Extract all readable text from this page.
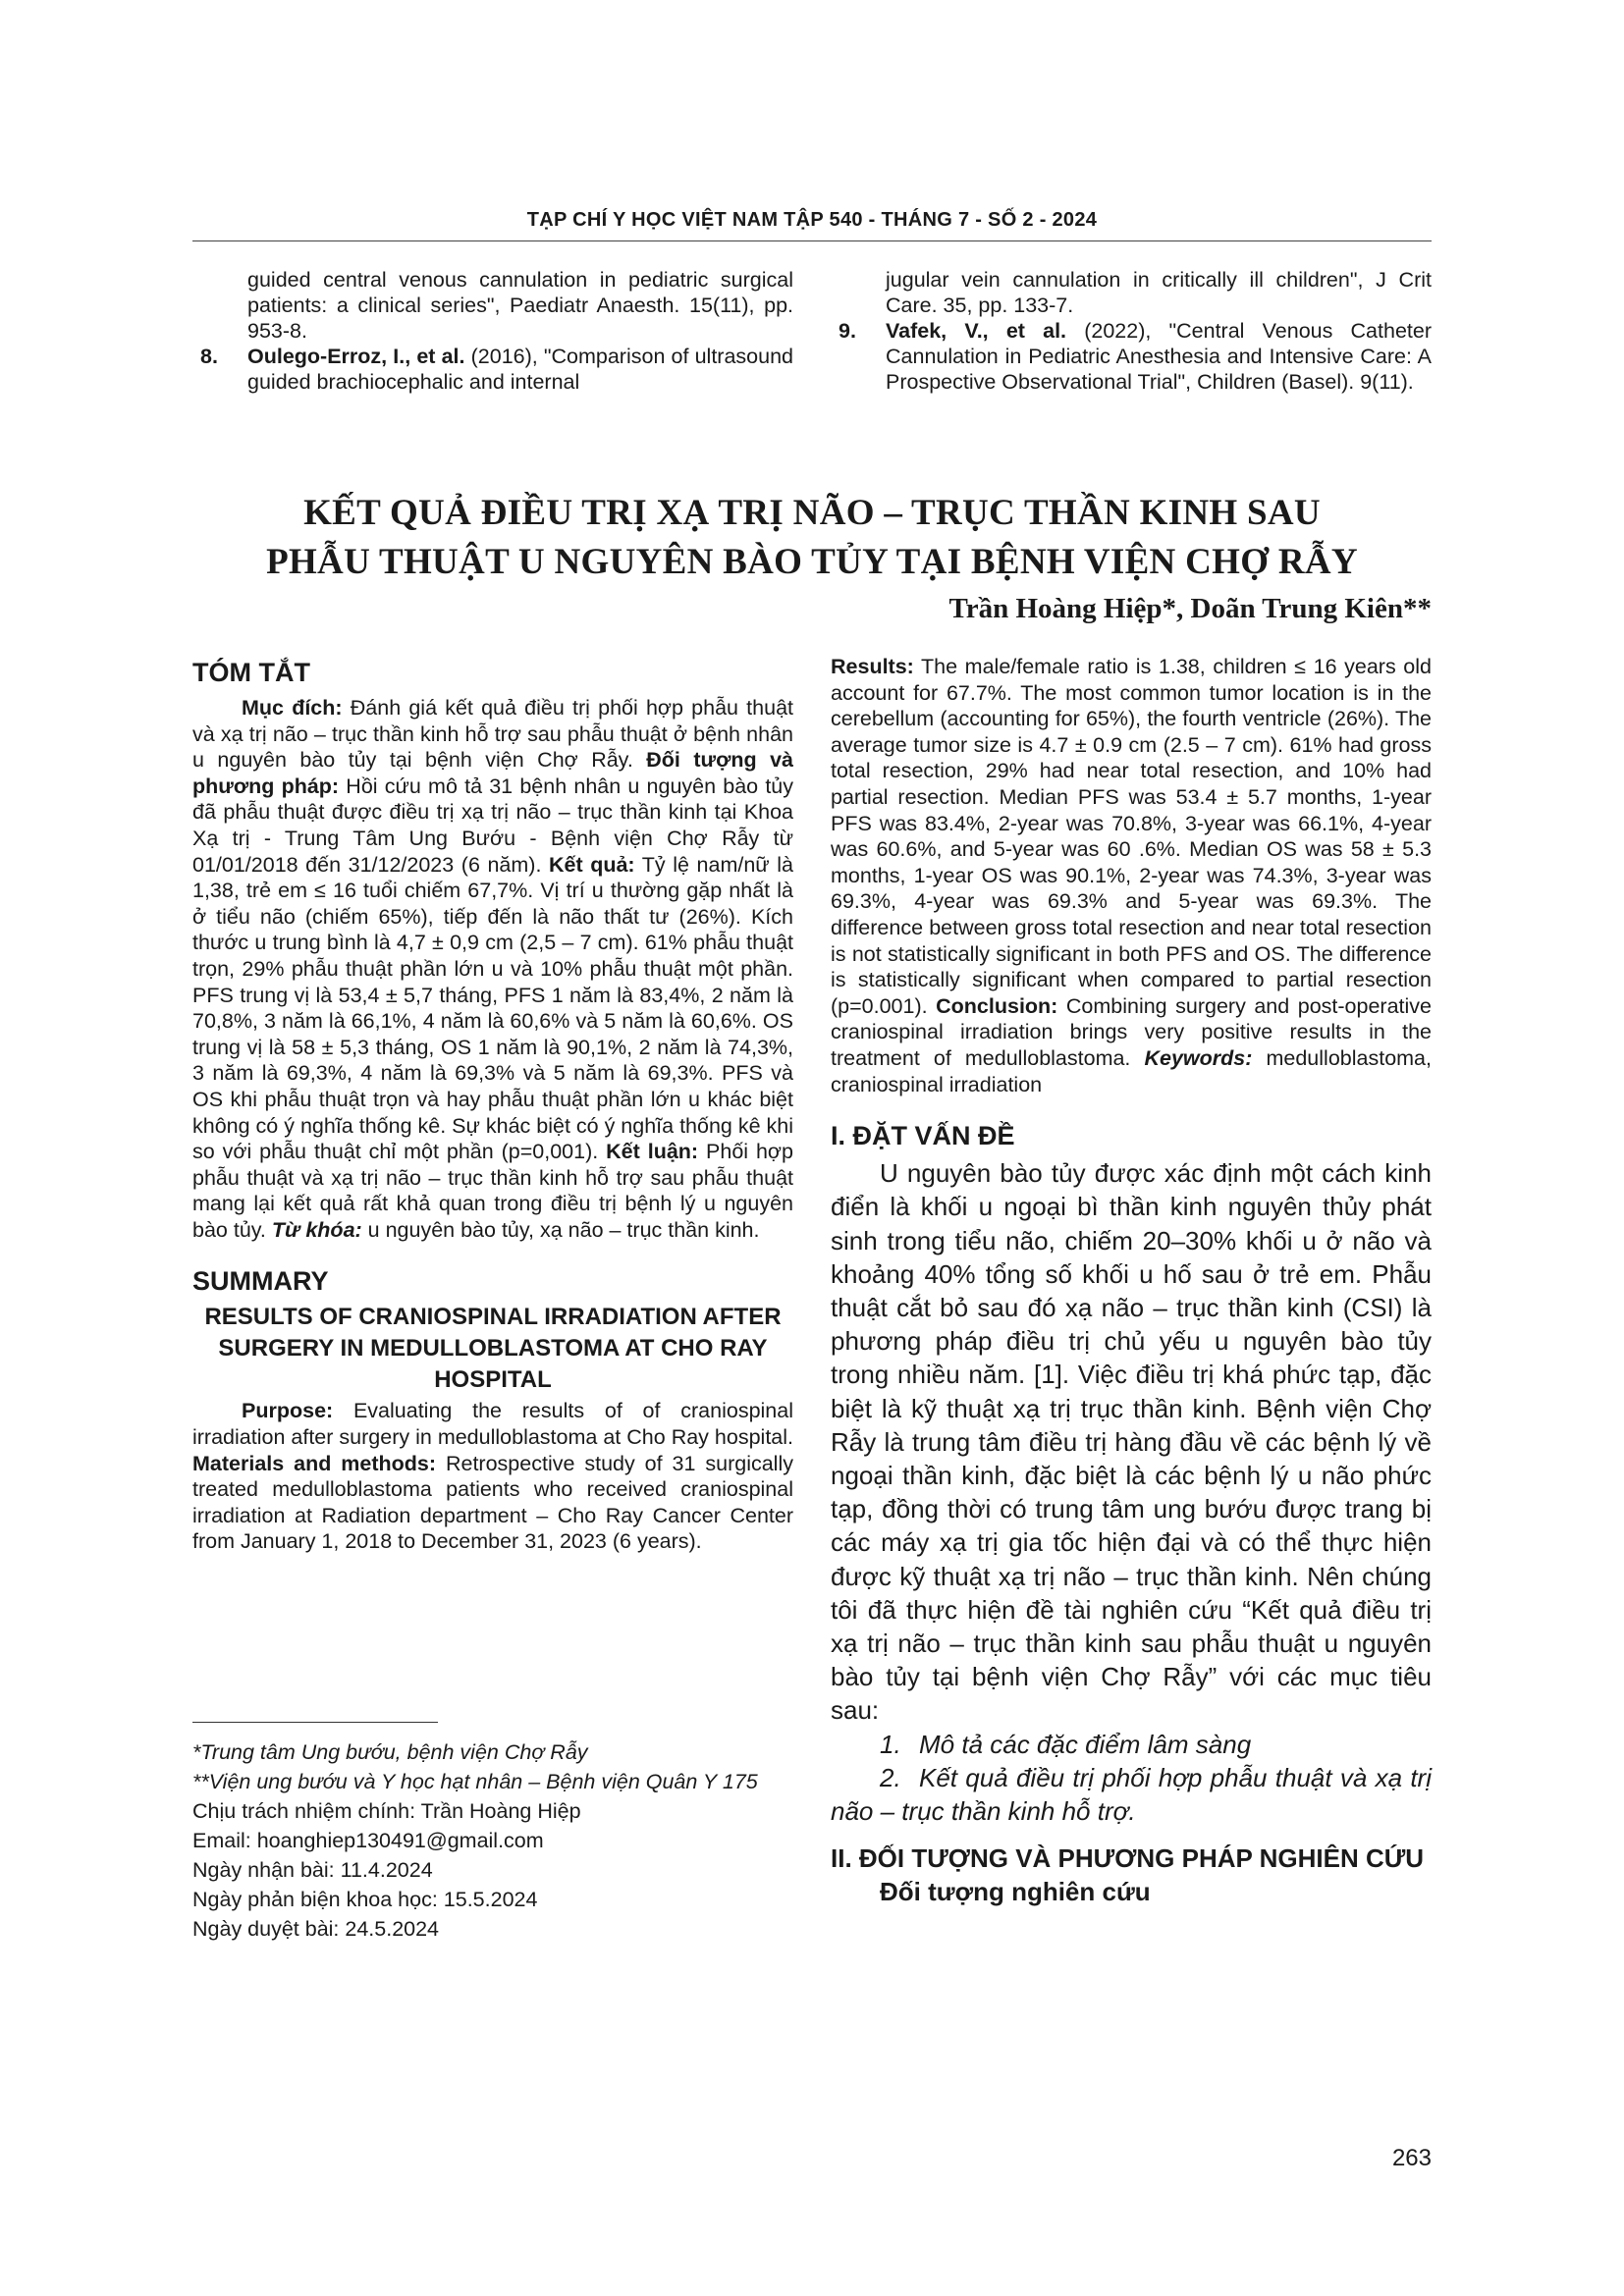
TẠP CHÍ Y HỌC VIỆT NAM TẬP 540 - THÁNG 7 - SỐ 2 - 2024

guided central venous cannulation in pediatric surgical patients: a clinical series", Paediatr Anaesth. 15(11), pp. 953-8.

8. Oulego-Erroz, I., et al. (2016), "Comparison of ultrasound guided brachiocephalic and internal

jugular vein cannulation in critically ill children", J Crit Care. 35, pp. 133-7.

9. Vafek, V., et al. (2022), "Central Venous Catheter Cannulation in Pediatric Anesthesia and Intensive Care: A Prospective Observational Trial", Children (Basel). 9(11).

KẾT QUẢ ĐIỀU TRỊ XẠ TRỊ NÃO – TRỤC THẦN KINH SAU
PHẪU THUẬT U NGUYÊN BÀO TỦY TẠI BỆNH VIỆN CHỢ RẪY
Trần Hoàng Hiệp*, Doãn Trung Kiên**
TÓM TẮT

Mục đích: Đánh giá kết quả điều trị phối hợp phẫu thuật và xạ trị não – trục thần kinh hỗ trợ sau phẫu thuật ở bệnh nhân u nguyên bào tủy tại bệnh viện Chợ Rẫy. Đối tượng và phương pháp: Hồi cứu mô tả 31 bệnh nhân u nguyên bào tủy đã phẫu thuật được điều trị xạ trị não – trục thần kinh tại Khoa Xạ trị - Trung Tâm Ung Bướu - Bệnh viện Chợ Rẫy từ 01/01/2018 đến 31/12/2023 (6 năm). Kết quả: Tỷ lệ nam/nữ là 1,38, trẻ em ≤ 16 tuổi chiếm 67,7%. Vị trí u thường gặp nhất là ở tiểu não (chiếm 65%), tiếp đến là não thất tư (26%). Kích thước u trung bình là 4,7 ± 0,9 cm (2,5 – 7 cm). 61% phẫu thuật trọn, 29% phẫu thuật phần lớn u và 10% phẫu thuật một phần. PFS trung vị là 53,4 ± 5,7 tháng, PFS 1 năm là 83,4%, 2 năm là 70,8%, 3 năm là 66,1%, 4 năm là 60,6% và 5 năm là 60,6%. OS trung vị là 58 ± 5,3 tháng, OS 1 năm là 90,1%, 2 năm là 74,3%, 3 năm là 69,3%, 4 năm là 69,3% và 5 năm là 69,3%. PFS và OS khi phẫu thuật trọn và hay phẫu thuật phần lớn u khác biệt không có ý nghĩa thống kê. Sự khác biệt có ý nghĩa thống kê khi so với phẫu thuật chỉ một phần (p=0,001). Kết luận: Phối hợp phẫu thuật và xạ trị não – trục thần kinh hỗ trợ sau phẫu thuật mang lại kết quả rất khả quan trong điều trị bệnh lý u nguyên bào tủy. Từ khóa: u nguyên bào tủy, xạ não – trục thần kinh.

SUMMARY
RESULTS OF CRANIOSPINAL IRRADIATION AFTER SURGERY IN MEDULLOBLASTOMA AT CHO RAY HOSPITAL

Purpose: Evaluating the results of of craniospinal irradiation after surgery in medulloblastoma at Cho Ray hospital. Materials and methods: Retrospective study of 31 surgically treated medulloblastoma patients who received craniospinal irradiation at Radiation department – Cho Ray Cancer Center from January 1, 2018 to December 31, 2023 (6 years).

*Trung tâm Ung bướu, bệnh viện Chợ Rẫy

**Viện ung bướu và Y học hạt nhân – Bệnh viện Quân Y 175

Chịu trách nhiệm chính: Trần Hoàng Hiệp

Email: hoanghiep130491@gmail.com

Ngày nhận bài: 11.4.2024

Ngày phản biện khoa học: 15.5.2024

Ngày duyệt bài: 24.5.2024

Results: The male/female ratio is 1.38, children ≤ 16 years old account for 67.7%. The most common tumor location is in the cerebellum (accounting for 65%), the fourth ventricle (26%). The average tumor size is 4.7 ± 0.9 cm (2.5 – 7 cm). 61% had gross total resection, 29% had near total resection, and 10% had partial resection. Median PFS was 53.4 ± 5.7 months, 1-year PFS was 83.4%, 2-year was 70.8%, 3-year was 66.1%, 4-year was 60.6%, and 5-year was 60 .6%. Median OS was 58 ± 5.3 months, 1-year OS was 90.1%, 2-year was 74.3%, 3-year was 69.3%, 4-year was 69.3% and 5-year was 69.3%. The difference between gross total resection and near total resection is not statistically significant in both PFS and OS. The difference is statistically significant when compared to partial resection (p=0.001). Conclusion: Combining surgery and post-operative craniospinal irradiation brings very positive results in the treatment of medulloblastoma. Keywords: medulloblastoma, craniospinal irradiation

I. ĐẶT VẤN ĐỀ

U nguyên bào tủy được xác định một cách kinh điển là khối u ngoại bì thần kinh nguyên thủy phát sinh trong tiểu não, chiếm 20–30% khối u ở não và khoảng 40% tổng số khối u hố sau ở trẻ em. Phẫu thuật cắt bỏ sau đó xạ não – trục thần kinh (CSI) là phương pháp điều trị chủ yếu u nguyên bào tủy trong nhiều năm. [1]. Việc điều trị khá phức tạp, đặc biệt là kỹ thuật xạ trị trục thần kinh. Bệnh viện Chợ Rẫy là trung tâm điều trị hàng đầu về các bệnh lý về ngoại thần kinh, đặc biệt là các bệnh lý u não phức tạp, đồng thời có trung tâm ung bướu được trang bị các máy xạ trị gia tốc hiện đại và có thể thực hiện được kỹ thuật xạ trị não – trục thần kinh. Nên chúng tôi đã thực hiện đề tài nghiên cứu “Kết quả điều trị xạ trị não – trục thần kinh sau phẫu thuật u nguyên bào tủy tại bệnh viện Chợ Rẫy” với các mục tiêu sau:

1. Mô tả các đặc điểm lâm sàng

2. Kết quả điều trị phối hợp phẫu thuật và xạ trị não – trục thần kinh hỗ trợ.

II. ĐỐI TƯỢNG VÀ PHƯƠNG PHÁP NGHIÊN CỨU
Đối tượng nghiên cứu
263
